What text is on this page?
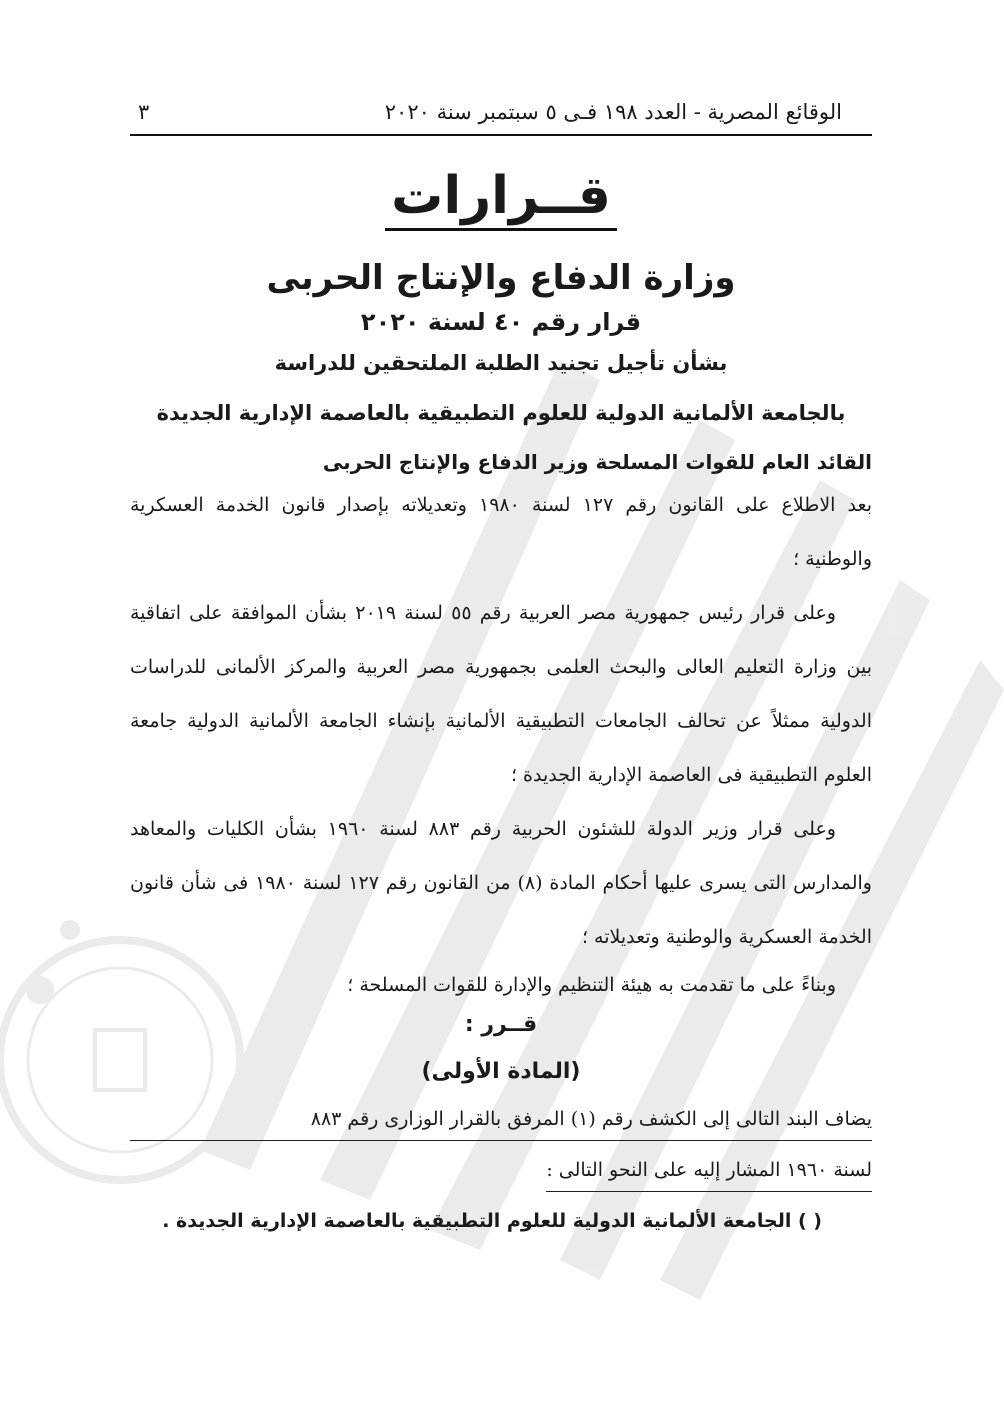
الوقائع المصرية - العدد ١٩٨ فـى ٥ سبتمبر سنة ٢٠٢٠
٣
قــرارات
وزارة الدفاع والإنتاج الحربى
قرار رقم ٤٠ لسنة ٢٠٢٠
بشأن تأجيل تجنيد الطلبة الملتحقين للدراسة
بالجامعة الألمانية الدولية للعلوم التطبيقية بالعاصمة الإدارية الجديدة
القائد العام للقوات المسلحة وزير الدفاع والإنتاج الحربى

بعد الاطلاع على القانون رقم ١٢٧ لسنة ١٩٨٠ وتعديلاته بإصدار قانون الخدمة العسكرية والوطنية ؛

وعلى قرار رئيس جمهورية مصر العربية رقم ٥٥ لسنة ٢٠١٩ بشأن الموافقة على اتفاقية بين وزارة التعليم العالى والبحث العلمى بجمهورية مصر العربية والمركز الألمانى للدراسات الدولية ممثلاً عن تحالف الجامعات التطبيقية الألمانية بإنشاء الجامعة الألمانية الدولية جامعة العلوم التطبيقية فى العاصمة الإدارية الجديدة ؛

وعلى قرار وزير الدولة للشئون الحربية رقم ٨٨٣ لسنة ١٩٦٠ بشأن الكليات والمعاهد والمدارس التى يسرى عليها أحكام المادة (٨) من القانون رقم ١٢٧ لسنة ١٩٨٠ فى شأن قانون الخدمة العسكرية والوطنية وتعديلاته ؛

وبناءً على ما تقدمت به هيئة التنظيم والإدارة للقوات المسلحة ؛

قــرر :
(المادة الأولى)
يضاف البند التالى إلى الكشف رقم (١) المرفق بالقرار الوزارى رقم ٨٨٣
لسنة ١٩٦٠ المشار إليه على النحو التالى :
( ) الجامعة الألمانية الدولية للعلوم التطبيقية بالعاصمة الإدارية الجديدة .
